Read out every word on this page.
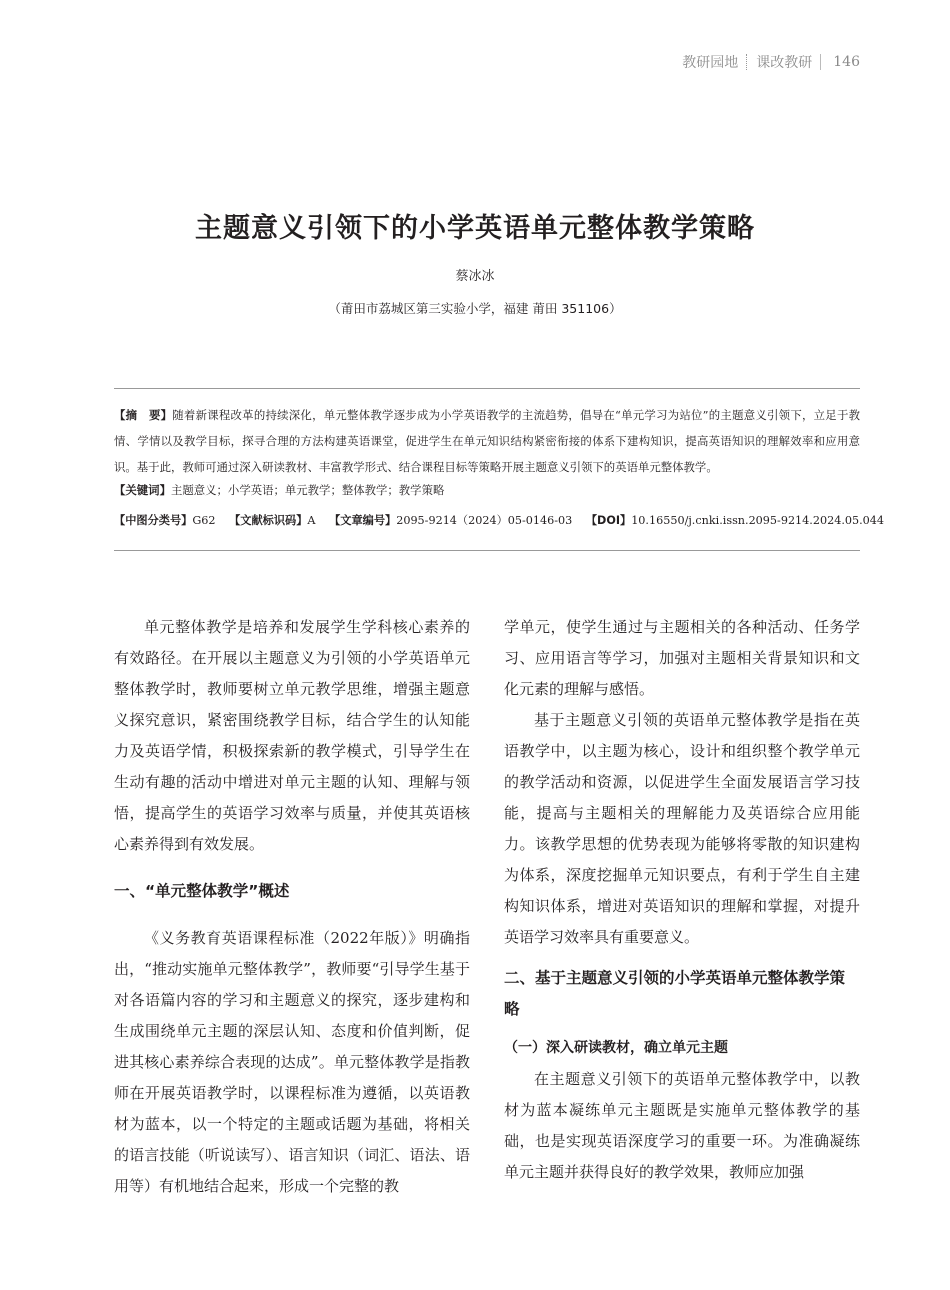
教研园地 课改教研 146
主题意义引领下的小学英语单元整体教学策略
蔡冰冰
（莆田市荔城区第三实验小学，福建 莆田 351106）
【摘　要】随着新课程改革的持续深化，单元整体教学逐步成为小学英语教学的主流趋势，倡导在“单元学习为站位”的主题意义引领下，立足于教情、学情以及教学目标，探寻合理的方法构建英语课堂，促进学生在单元知识结构紧密衔接的体系下建构知识，提高英语知识的理解效率和应用意识。基于此，教师可通过深入研读教材、丰富教学形式、结合课程目标等策略开展主题意义引领下的英语单元整体教学。
【关键词】主题意义；小学英语；单元教学；整体教学；教学策略
【中图分类号】G62 【文献标识码】A 【文章编号】2095-9214（2024）05-0146-03 【DOI】10.16550/j.cnki.issn.2095-9214.2024.05.044

单元整体教学是培养和发展学生学科核心素养的有效路径。在开展以主题意义为引领的小学英语单元整体教学时，教师要树立单元教学思维，增强主题意义探究意识，紧密围绕教学目标，结合学生的认知能力及英语学情，积极探索新的教学模式，引导学生在生动有趣的活动中增进对单元主题的认知、理解与领悟，提高学生的英语学习效率与质量，并使其英语核心素养得到有效发展。

一、“单元整体教学”概述

《义务教育英语课程标准（2022年版）》明确指出，“推动实施单元整体教学”，教师要“引导学生基于对各语篇内容的学习和主题意义的探究，逐步建构和生成围绕单元主题的深层认知、态度和价值判断，促进其核心素养综合表现的达成”。单元整体教学是指教师在开展英语教学时，以课程标准为遵循，以英语教材为蓝本，以一个特定的主题或话题为基础，将相关的语言技能（听说读写）、语言知识（词汇、语法、语用等）有机地结合起来，形成一个完整的教

学单元，使学生通过与主题相关的各种活动、任务学习、应用语言等学习，加强对主题相关背景知识和文化元素的理解与感悟。

基于主题意义引领的英语单元整体教学是指在英语教学中，以主题为核心，设计和组织整个教学单元的教学活动和资源，以促进学生全面发展语言学习技能，提高与主题相关的理解能力及英语综合应用能力。该教学思想的优势表现为能够将零散的知识建构为体系，深度挖掘单元知识要点，有利于学生自主建构知识体系，增进对英语知识的理解和掌握，对提升英语学习效率具有重要意义。

二、基于主题意义引领的小学英语单元整体教学策略

（一）深入研读教材，确立单元主题

在主题意义引领下的英语单元整体教学中，以教材为蓝本凝练单元主题既是实施单元整体教学的基础，也是实现英语深度学习的重要一环。为准确凝练单元主题并获得良好的教学效果，教师应加强
